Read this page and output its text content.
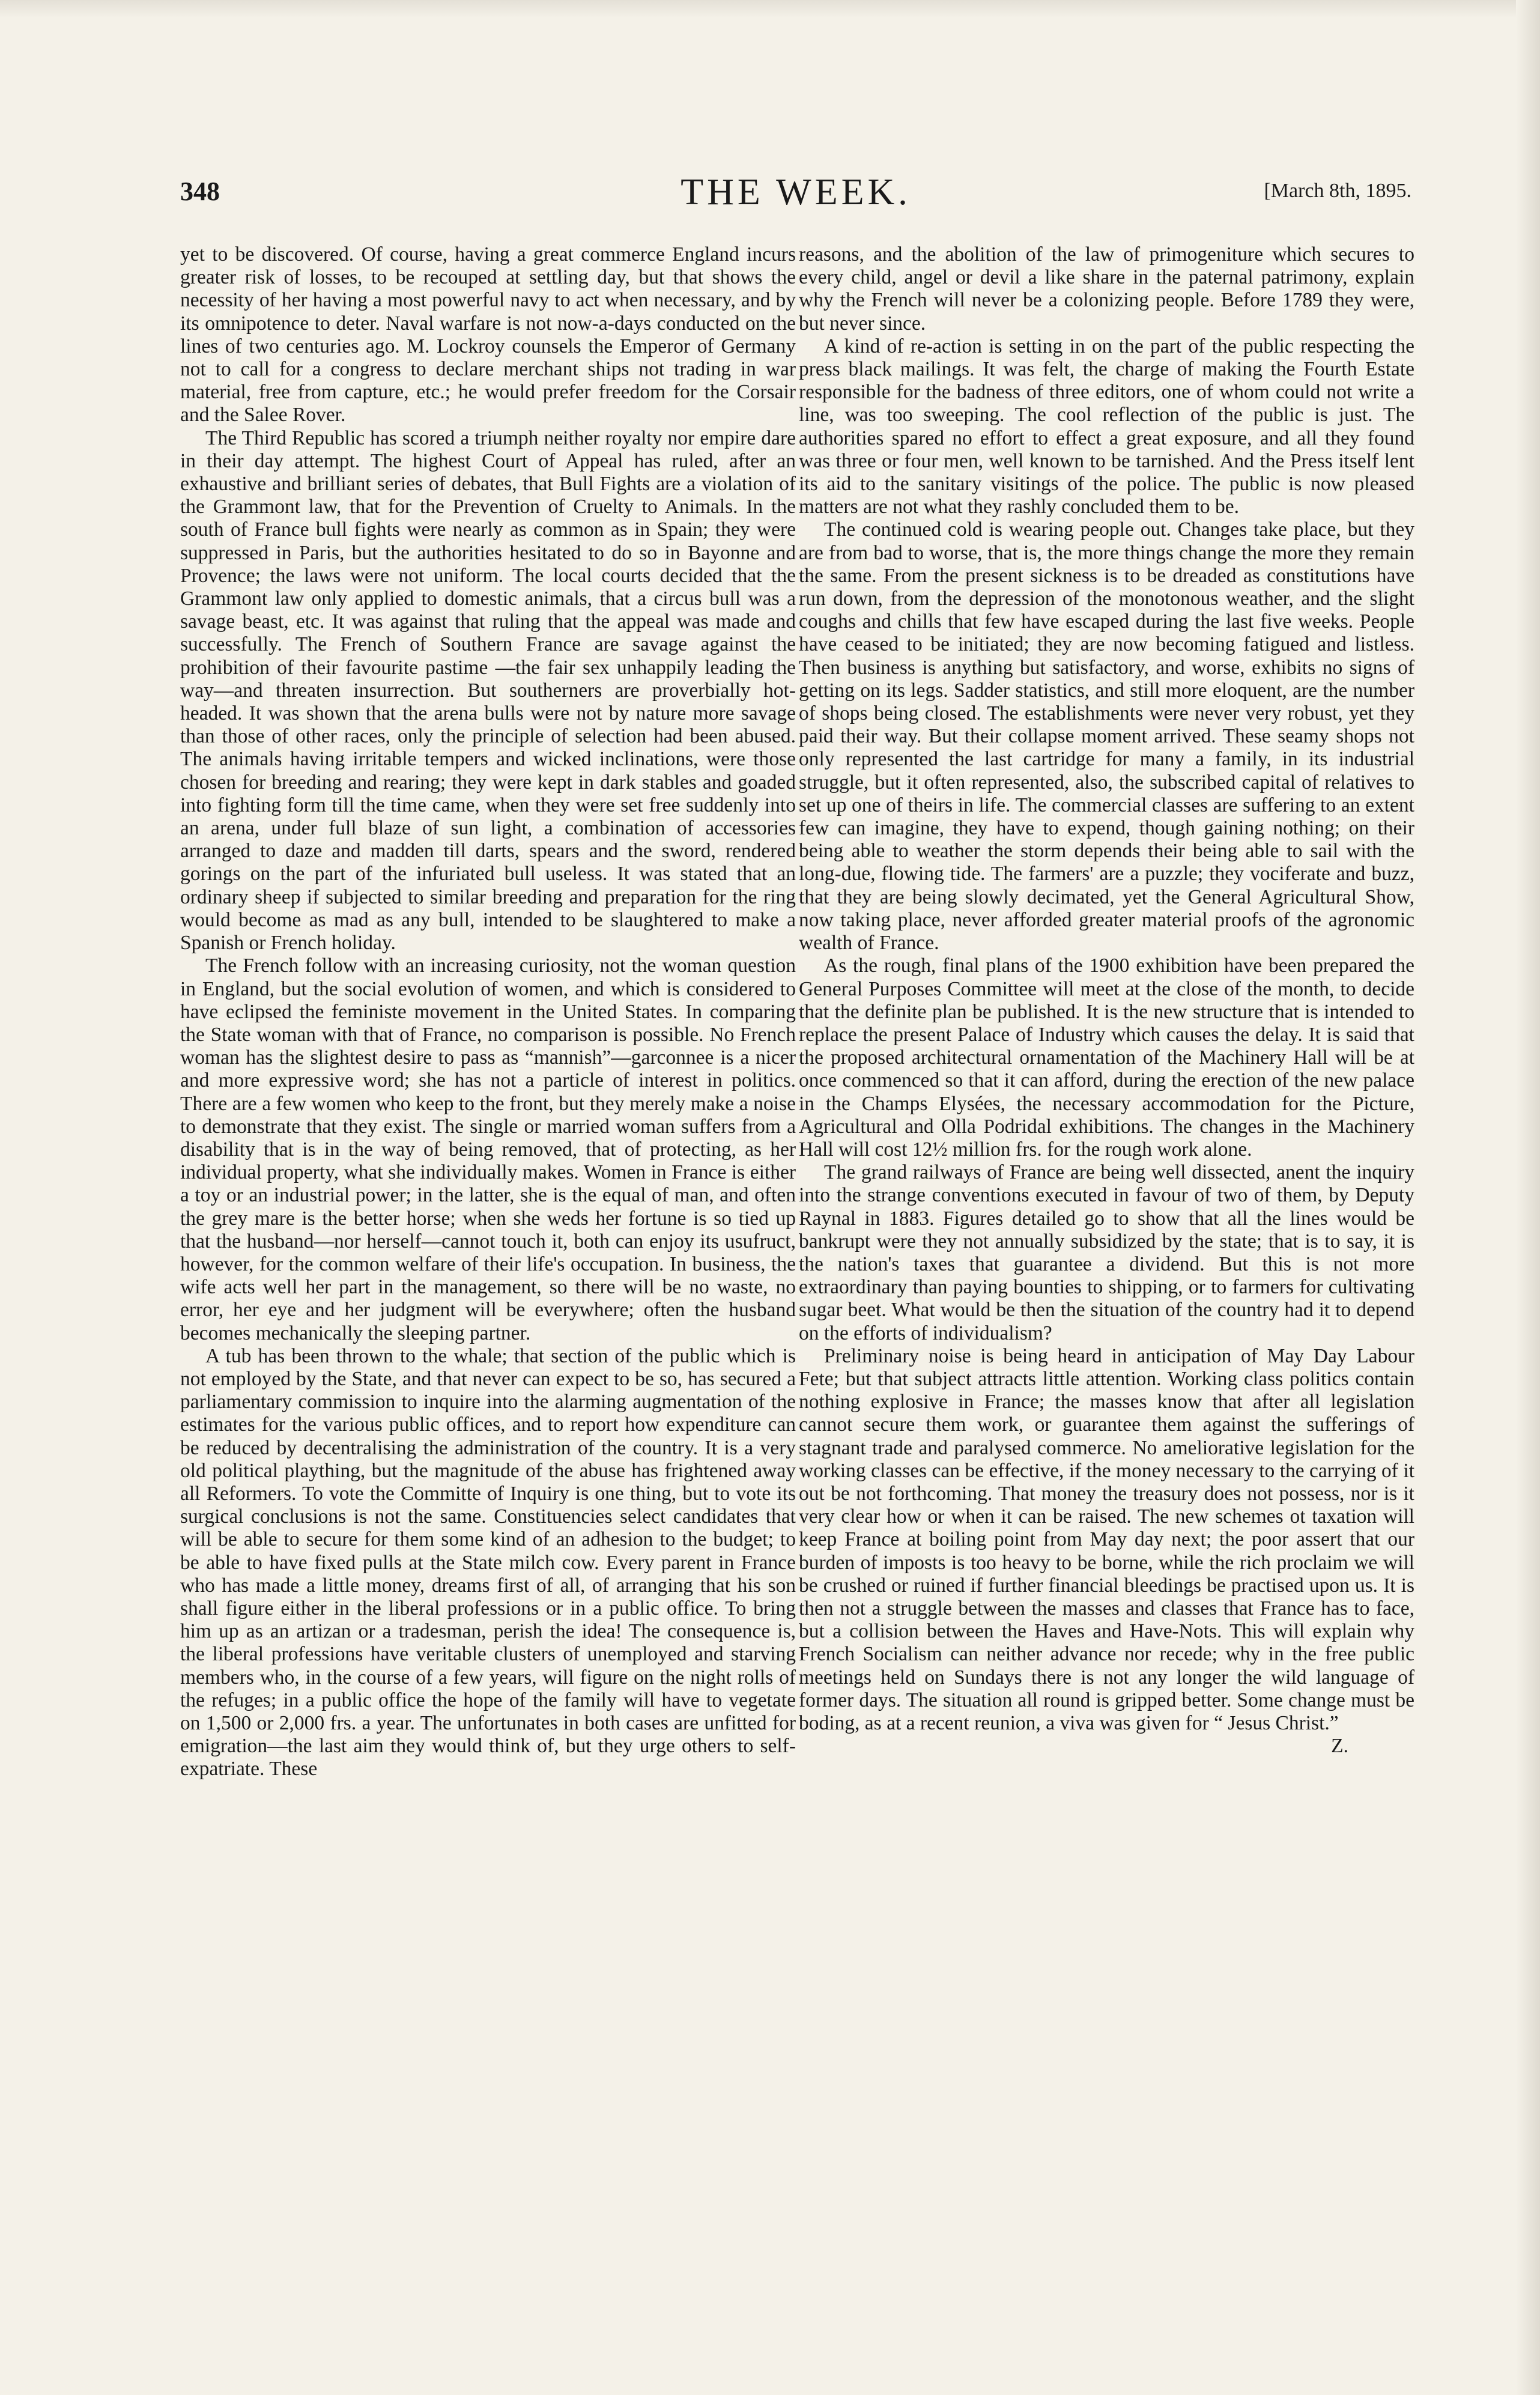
348	THE WEEK.	[March 8th, 1895.

yet to be discovered. Of course, having a great commerce England incurs greater risk of losses, to be recouped at settling day, but that shows the necessity of her having a most powerful navy to act when necessary, and by its omnipotence to deter. Naval warfare is not now-a-days conducted on the lines of two centuries ago. M. Lockroy counsels the Emperor of Germany not to call for a congress to declare merchant ships not trading in war material, free from capture, etc.; he would prefer freedom for the Corsair and the Salee Rover.

The Third Republic has scored a triumph neither royalty nor empire dare in their day attempt. The highest Court of Appeal has ruled, after an exhaustive and brilliant series of debates, that Bull Fights are a violation of the Grammont law, that for the Prevention of Cruelty to Animals. In the south of France bull fights were nearly as common as in Spain; they were suppressed in Paris, but the authorities hesitated to do so in Bayonne and Provence; the laws were not uniform. The local courts decided that the Grammont law only applied to domestic animals, that a circus bull was a savage beast, etc. It was against that ruling that the appeal was made and successfully. The French of Southern France are savage against the prohibition of their favourite pastime —the fair sex unhappily leading the way—and threaten insurrection. But southerners are proverbially hot-headed. It was shown that the arena bulls were not by nature more savage than those of other races, only the principle of selection had been abused. The animals having irritable tempers and wicked inclinations, were those chosen for breeding and rearing; they were kept in dark stables and goaded into fighting form till the time came, when they were set free suddenly into an arena, under full blaze of sun light, a combination of accessories arranged to daze and madden till darts, spears and the sword, rendered gorings on the part of the infuriated bull useless. It was stated that an ordinary sheep if subjected to similar breeding and preparation for the ring would become as mad as any bull, intended to be slaughtered to make a Spanish or French holiday.

The French follow with an increasing curiosity, not the woman question in England, but the social evolution of women, and which is considered to have eclipsed the feministe movement in the United States. In comparing the State woman with that of France, no comparison is possible. No French woman has the slightest desire to pass as “mannish”—garconnee is a nicer and more expressive word; she has not a particle of interest in politics. There are a few women who keep to the front, but they merely make a noise to demonstrate that they exist. The single or married woman suffers from a disability that is in the way of being removed, that of protecting, as her individual property, what she individually makes. Women in France is either a toy or an industrial power; in the latter, she is the equal of man, and often the grey mare is the better horse; when she weds her fortune is so tied up that the husband—nor herself—cannot touch it, both can enjoy its usufruct, however, for the common welfare of their life's occupation. In business, the wife acts well her part in the management, so there will be no waste, no error, her eye and her judgment will be everywhere; often the husband becomes mechanically the sleeping partner.

A tub has been thrown to the whale; that section of the public which is not employed by the State, and that never can expect to be so, has secured a parliamentary commission to inquire into the alarming augmentation of the estimates for the various public offices, and to report how expenditure can be reduced by decentralising the administration of the country. It is a very old political plaything, but the magnitude of the abuse has frightened away all Reformers. To vote the Committe of Inquiry is one thing, but to vote its surgical conclusions is not the same. Constituencies select candidates that will be able to secure for them some kind of an adhesion to the budget; to be able to have fixed pulls at the State milch cow. Every parent in France who has made a little money, dreams first of all, of arranging that his son shall figure either in the liberal professions or in a public office. To bring him up as an artizan or a tradesman, perish the idea! The consequence is, the liberal professions have veritable clusters of unemployed and starving members who, in the course of a few years, will figure on the night rolls of the refuges; in a public office the hope of the family will have to vegetate on 1,500 or 2,000 frs. a year. The unfortunates in both cases are unfitted for emigration—the last aim they would think of, but they urge others to self-expatriate. These

reasons, and the abolition of the law of primogeniture which secures to every child, angel or devil a like share in the paternal patrimony, explain why the French will never be a colonizing people. Before 1789 they were, but never since.

A kind of re-action is setting in on the part of the public respecting the press black mailings. It was felt, the charge of making the Fourth Estate responsible for the badness of three editors, one of whom could not write a line, was too sweeping. The cool reflection of the public is just. The authorities spared no effort to effect a great exposure, and all they found was three or four men, well known to be tarnished. And the Press itself lent its aid to the sanitary visitings of the police. The public is now pleased matters are not what they rashly concluded them to be.

The continued cold is wearing people out. Changes take place, but they are from bad to worse, that is, the more things change the more they remain the same. From the present sickness is to be dreaded as constitutions have run down, from the depression of the monotonous weather, and the slight coughs and chills that few have escaped during the last five weeks. People have ceased to be initiated; they are now becoming fatigued and listless. Then business is anything but satisfactory, and worse, exhibits no signs of getting on its legs. Sadder statistics, and still more eloquent, are the number of shops being closed. The establishments were never very robust, yet they paid their way. But their collapse moment arrived. These seamy shops not only represented the last cartridge for many a family, in its industrial struggle, but it often represented, also, the subscribed capital of relatives to set up one of theirs in life. The commercial classes are suffering to an extent few can imagine, they have to expend, though gaining nothing; on their being able to weather the storm depends their being able to sail with the long-due, flowing tide. The farmers' are a puzzle; they vociferate and buzz, that they are being slowly decimated, yet the General Agricultural Show, now taking place, never afforded greater material proofs of the agronomic wealth of France.

As the rough, final plans of the 1900 exhibition have been prepared the General Purposes Committee will meet at the close of the month, to decide that the definite plan be published. It is the new structure that is intended to replace the present Palace of Industry which causes the delay. It is said that the proposed architectural ornamentation of the Machinery Hall will be at once commenced so that it can afford, during the erection of the new palace in the Champs Elysées, the necessary accommodation for the Picture, Agricultural and Olla Podridal exhibitions. The changes in the Machinery Hall will cost 12½ million frs. for the rough work alone.

The grand railways of France are being well dissected, anent the inquiry into the strange conventions executed in favour of two of them, by Deputy Raynal in 1883. Figures detailed go to show that all the lines would be bankrupt were they not annually subsidized by the state; that is to say, it is the nation's taxes that guarantee a dividend. But this is not more extraordinary than paying bounties to shipping, or to farmers for cultivating sugar beet. What would be then the situation of the country had it to depend on the efforts of individualism?

Preliminary noise is being heard in anticipation of May Day Labour Fete; but that subject attracts little attention. Working class politics contain nothing explosive in France; the masses know that after all legislation cannot secure them work, or guarantee them against the sufferings of stagnant trade and paralysed commerce. No ameliorative legislation for the working classes can be effective, if the money necessary to the carrying of it out be not forthcoming. That money the treasury does not possess, nor is it very clear how or when it can be raised. The new schemes ot taxation will keep France at boiling point from May day next; the poor assert that our burden of imposts is too heavy to be borne, while the rich proclaim we will be crushed or ruined if further financial bleedings be practised upon us. It is then not a struggle between the masses and classes that France has to face, but a collision between the Haves and Have-Nots. This will explain why French Socialism can neither advance nor recede; why in the free public meetings held on Sundays there is not any longer the wild language of former days. The situation all round is gripped better. Some change must be boding, as at a recent reunion, a viva was given for “ Jesus Christ.”

Z.
